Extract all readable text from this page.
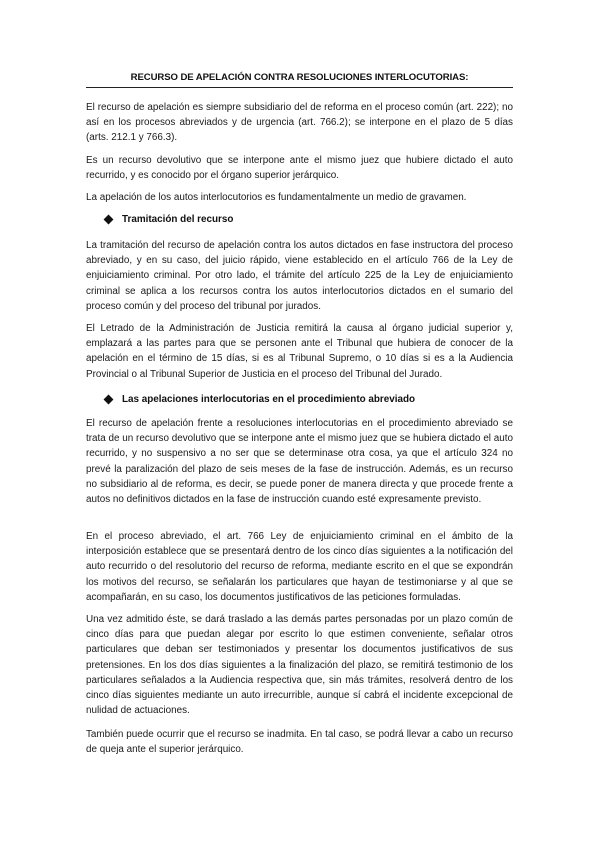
RECURSO DE APELACIÓN CONTRA RESOLUCIONES INTERLOCUTORIAS:

El recurso de apelación es siempre subsidiario del de reforma en el proceso común (art. 222); no así en los procesos abreviados y de urgencia (art. 766.2); se interpone en el plazo de 5 días (arts. 212.1 y 766.3).

Es un recurso devolutivo que se interpone ante el mismo juez que hubiere dictado el auto recurrido, y es conocido por el órgano superior jerárquico.

La apelación de los autos interlocutorios es fundamentalmente un medio de gravamen.

Tramitación del recurso

La tramitación del recurso de apelación contra los autos dictados en fase instructora del proceso abreviado, y en su caso, del juicio rápido, viene establecido en el artículo 766 de la Ley de enjuiciamiento criminal. Por otro lado, el trámite del artículo 225 de la Ley de enjuiciamiento criminal se aplica a los recursos contra los autos interlocutorios dictados en el sumario del proceso común y del proceso del tribunal por jurados.

El Letrado de la Administración de Justicia remitirá la causa al órgano judicial superior y, emplazará a las partes para que se personen ante el Tribunal que hubiera de conocer de la apelación en el término de 15 días, si es al Tribunal Supremo, o 10 días si es a la Audiencia Provincial o al Tribunal Superior de Justicia en el proceso del Tribunal del Jurado.

Las apelaciones interlocutorias en el procedimiento abreviado

El recurso de apelación frente a resoluciones interlocutorias en el procedimiento abreviado se trata de un recurso devolutivo que se interpone ante el mismo juez que se hubiera dictado el auto recurrido, y no suspensivo a no ser que se determinase otra cosa, ya que el artículo 324 no prevé la paralización del plazo de seis meses de la fase de instrucción. Además, es un recurso no subsidiario al de reforma, es decir, se puede poner de manera directa y que procede frente a autos no definitivos dictados en la fase de instrucción cuando esté expresamente previsto.

En el proceso abreviado, el art. 766 Ley de enjuiciamiento criminal en el ámbito de la interposición establece que se presentará dentro de los cinco días siguientes a la notificación del auto recurrido o del resolutorio del recurso de reforma, mediante escrito en el que se expondrán los motivos del recurso, se señalarán los particulares que hayan de testimoniarse y al que se acompañarán, en su caso, los documentos justificativos de las peticiones formuladas.

Una vez admitido éste, se dará traslado a las demás partes personadas por un plazo común de cinco días para que puedan alegar por escrito lo que estimen conveniente, señalar otros particulares que deban ser testimoniados y presentar los documentos justificativos de sus pretensiones. En los dos días siguientes a la finalización del plazo, se remitirá testimonio de los particulares señalados a la Audiencia respectiva que, sin más trámites, resolverá dentro de los cinco días siguientes mediante un auto irrecurrible, aunque sí cabrá el incidente excepcional de nulidad de actuaciones.

También puede ocurrir que el recurso se inadmita. En tal caso, se podrá llevar a cabo un recurso de queja ante el superior jerárquico.
